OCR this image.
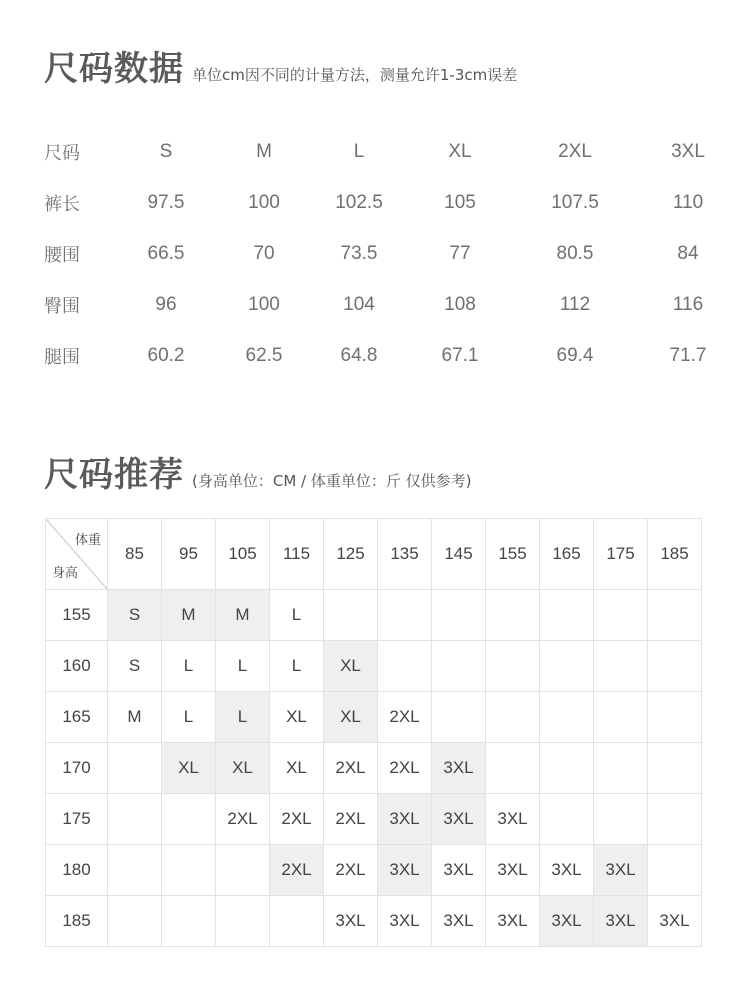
尺码数据 单位cm因不同的计量方法，测量允许1-3cm误差
尺码	S	M	L	XL	2XL	3XL
裤长	97.5	100	102.5	105	107.5	110
腰围	66.5	70	73.5	77	80.5	84
臀围	96	100	104	108	112	116
腿围	60.2	62.5	64.8	67.1	69.4	71.7
尺码推荐 (身高单位：CM / 体重单位：斤 仅供参考)
体重
身高	85	95	105	115	125	135	145	155	165	175	185
155	S	M	M	L							
160	S	L	L	L	XL						
165	M	L	L	XL	XL	2XL					
170		XL	XL	XL	2XL	2XL	3XL				
175			2XL	2XL	2XL	3XL	3XL	3XL			
180				2XL	2XL	3XL	3XL	3XL	3XL	3XL	
185					3XL	3XL	3XL	3XL	3XL	3XL	3XL
